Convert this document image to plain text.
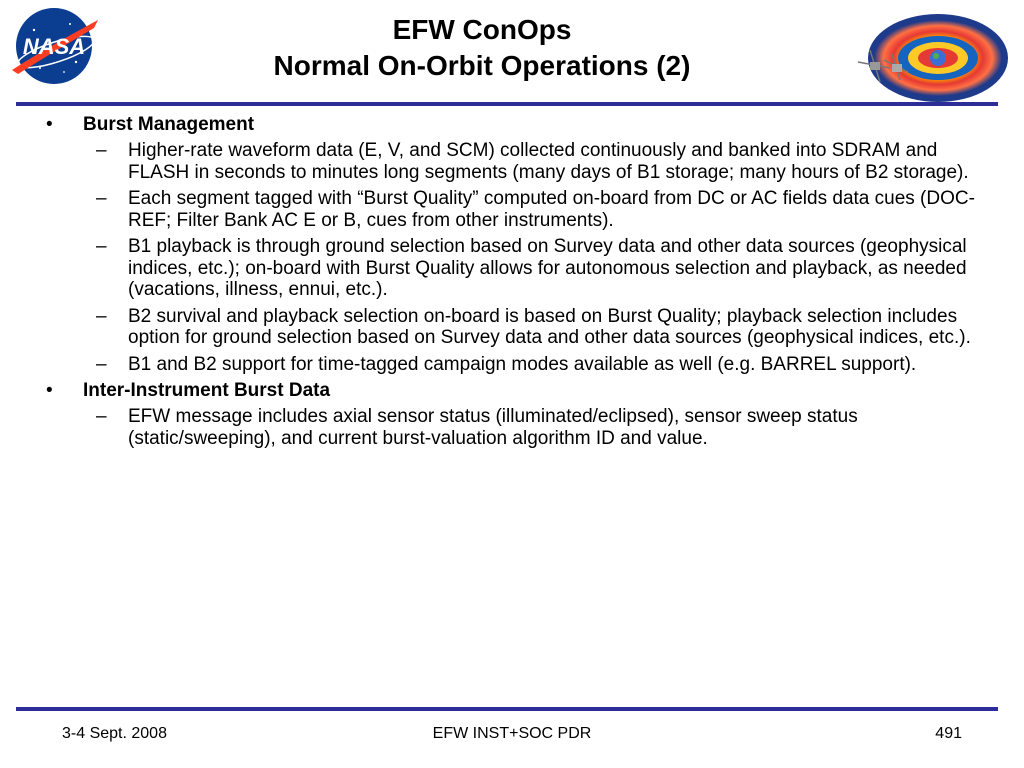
NASA
EFW ConOps
Normal On-Orbit Operations (2)
• Burst Management
– Higher-rate waveform data (E, V, and SCM) collected continuously and banked into SDRAM and FLASH in seconds to minutes long segments (many days of B1 storage; many hours of B2 storage).
– Each segment tagged with “Burst Quality” computed on-board from DC or AC fields data cues (DOC-REF; Filter Bank AC E or B, cues from other instruments).
– B1 playback is through ground selection based on Survey data and other data sources (geophysical indices, etc.); on-board with Burst Quality allows for autonomous selection and playback, as needed (vacations, illness, ennui, etc.).
– B2 survival and playback selection on-board is based on Burst Quality; playback selection includes option for ground selection based on Survey data and other data sources (geophysical indices, etc.).
– B1 and B2 support for time-tagged campaign modes available as well (e.g. BARREL support).
• Inter-Instrument Burst Data
– EFW message includes axial sensor status (illuminated/eclipsed), sensor sweep status (static/sweeping), and current burst-valuation algorithm ID and value.
3-4 Sept. 2008	EFW INST+SOC PDR	491
